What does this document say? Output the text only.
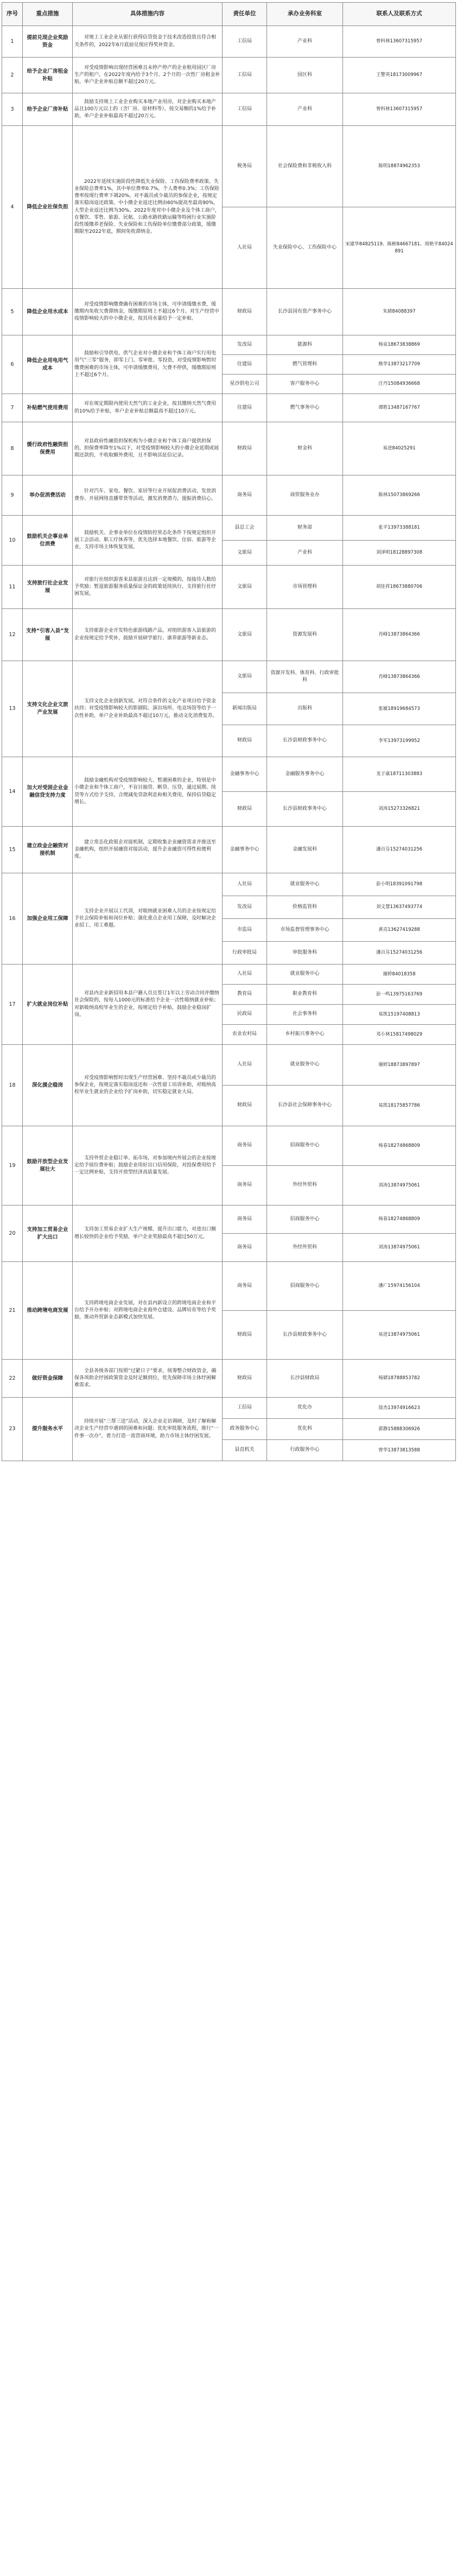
序号	重点措施	具体措施内容	责任单位	承办业务科室	联系人及联系方式
1	提前兑现企业奖励资金	对规上工业企业从银行获得信贷资金于技术改造投资且符合相关条件的，2022年6月底前兑现应得奖补资金。	工信局	产业科	曾科林13607315957
2	给予企业厂房租金补贴	对受疫情影响出现经营困难且未停产停产的企业租用园区厂房生产的租户，在2022年度内给予3个月、2个月的一次性厂房租金补贴，单户企业补贴总额不超过20万元。	工信局	园区科	王警英18173009967
3	给予企业厂房补贴	鼓励支持规上工业企业购买本地产业用房，对企业购买本地产品且100万元以上的（含厂房、原材料等），按交易额的1%给予补助，单户企业补贴最高不超过20万元。	工信局	产业科	曾科林13607315957
4	降低企业社保负担	2022年延续实施阶段性降低失业保险、工伤保险费率政策。失业保险总费率1%，其中单位费率0.7%，个人费率0.3%；工伤保险费率按现行费率下调20%。对不裁员或少裁员的参保企业，按规定落实稳岗返还政策。中小微企业返还比例由60%提高至最高90%，大型企业返还比例为30%。2022年度对中小微企业及个体工商户，在餐饮、零售、旅游、民航、公路水路铁路运输等特困行业实施阶段性缓缴养老保险、失业保险和工伤保险单位缴费部分政策，缓缴期限至2022年底，期间免收滞纳金。	税务局	社会保险费和非税收入科	陈明18874962353
			人社局	失业保险中心、工伤保险中心	宋建华84825119、陈彬84667181、周艳平84024891
5	降低企业用水成本	对受疫情影响缴费确有困难的市场主体，可申请缓缴水费，缓缴期内免收欠费滞纳金，缓缴期原则上不超过6个月。对生产经营中疫情影响较大的中小微企业，按其用水量给予一定补贴。	财政局	长沙县国有资产事务中心	朱婧84088397
6	降低企业用电用气成本	鼓励和引导供电、供气企业对小微企业和个体工商户实行用电用气“三零”服务，即零上门、零审批、零投资，对受疫情影响暂时缴费困难的市场主体，可申请缓缴费用，欠费不停供，缓缴期原则上不超过6个月。	发改局	能源科	杨泉18673838869
			住建局	燃气管理科	熊华13873217709
			星沙供电公司	客户服务中心	汪丹15084936668
7	补贴燃气使用费用	对在规定期限内使用天然气的工业企业，按其缴纳天然气费用的10%给予补贴，单户企业补贴总额最高不超过10万元。	住建局	燃气事务中心	谭胜13487167767
8	缓行政府性融资担保费用	对县政府性融资担保机构为小微企业和个体工商户提供担保的，担保费率降至1%以下，对受疫情影响较大的小微企业延期或展期还款的，不收取额外费用，且不影响其征信记录。	财政局	财金科	易进84025291
9	举办促消费活动	针对汽车、家电、餐饮、家居等行业开展促消费活动，发放消费券、开展网络直播带货等活动，激发消费潜力，提振消费信心。	商务局	商贸服务业办	陈林15073869266
10	鼓励机关企事业单位消费	鼓励机关、企事业单位在疫情防控常态化条件下按规定组织开展工会活动、职工疗休养等，优先选择本地餐饮、住宿、旅游等企业，支持市场主体恢复发展。	县总工会	财务部	张平13973388181
			文旅局	产业科	刘泽明18128897308
11	支持旅行社企业发展	对旅行社组织游客来县旅游且达到一定规模的，按接待人数给予奖励；暂退旅游服务质量保证金的政策延续执行，支持旅行社纾困发展。	文旅局	市场管理科	胡佳祥18673880706
12	支持“引客入县”发展	支持旅游企业开发特色旅游线路产品，对组织游客入县旅游的企业按规定给予奖补，鼓励开展研学旅行、康养旅游等新业态。	文旅局	资源发展科	肖峰13873864366
13	支持文化企业文旅产业发展	支持文化企业创新发展，对符合条件的文化产业项目给予资金扶持；对受疫情影响较大的影剧院、演出场所、电竞场馆等给予一次性补助，单户企业补助最高不超过10万元，推动文化消费复苏。	文旅局	资源开发科、体育科、行政审批科	肖峰13873864366
			新闻出版局	出版科	张敏18919684573
			财政局	长沙县财政事务中心	李军13973199952
14	加大对受困企业金融信贷支持力度	鼓励金融机构对受疫情影响较大、暂遇困难的企业，特别是中小微企业和个体工商户，不盲目抽贷、断贷、压贷，通过展期、续贷等方式给予支持，合理减免贷款利息和相关费用，保持信贷稳定增长。	金融事务中心	金融服务事务中心	龙子康18711303883
			财政局	长沙县财政事务中心	刘涛15273326821
15	建立政金企融资对接机制	建立常态化政银企对接机制，定期收集企业融资需求并推送至金融机构，组织开展融资对接活动，提升企业融资可得性和便利度。	金融事务中心	金融发展科	潘百芬15274031256
16	加强企业用工保障	支持企业开展以工代训，对吸纳就业困难人员的企业按规定给予社会保险补贴和岗位补贴；强化重点企业用工保障，及时解决企业招工、用工难题。	人社局	就业服务中心	彭小明18391091798
			发改局	价格监管科	刘文慧13637493774
			市监局	市场监督管理事务中心	黄亮13627419288
			行政审批局	审批服务科	潘百芬15274031256
17	扩大就业岗位补贴	对县内企业新招用本县户籍人员且签订1年以上劳动合同并缴纳社会保险的，按每人1000元的标准给予企业一次性吸纳就业补贴；对新吸纳高校毕业生的企业，按规定给予补贴，鼓励企业稳岗扩岗。	人社局	就业服务中心	谢婷84018358
			教育局	职业教育科	彭一鸣13975163769
			民政局	社会事务科	易凯15197408813
			农业农村局	乡村振兴事务中心	邓小林15817498029
18	深化援企稳岗	对受疫情影响暂时出现生产经营困难、坚持不裁员或少裁员的参保企业，按规定落实稳岗返还和一次性留工培训补助，对吸纳高校毕业生就业的企业给予扩岗补助，切实稳定就业大局。	人社局	就业服务中心	谢婷18873897897
			财政局	长沙县社会保障事务中心	易凯18175857786
19	鼓励开放型企业发展壮大	支持外贸企业稳订单、拓市场，对参加境内外展会的企业按规定给予展位费补贴；鼓励企业用好出口信用保险，对投保费用给予一定比例补贴，支持开放型经济高质量发展。	商务局	招商服务中心	杨春18274868809
			商务局	外经外贸科	刘涛13874975061
20	支持加工贸易企业扩大出口	支持加工贸易企业扩大生产规模、提升出口能力，对进出口额增长较快的企业给予奖励，单户企业奖励最高不超过50万元。	商务局	招商服务中心	杨春18274868809
			商务局	外经外贸科	刘涛13874975061
21	推动跨境电商发展	支持跨境电商企业发展，对在县内新设立的跨境电商企业和平台给予开办补贴；对跨境电商企业海外仓建设、品牌培育等给予奖励，推动外贸新业态新模式加快发展。	商务局	招商服务中心	潘广15974156104
			财政局	长沙县财政事务中心	易进13874975061
22	做好资金保障	全县各级各部门按照“过紧日子”要求，统筹整合财政资金，确保各项助企纾困政策资金及时足额到位，优先保障市场主体纾困解难需求。	财政局	长沙县财政局	杨婧18788853782
23	提升服务水平	持续开展“三帮三送”活动，深入企业走访调研，及时了解和解决企业生产经营中遇到的困难和问题；优化审批服务流程，推行“一件事一次办”，着力打造一流营商环境，助力市场主体纾困发展。	工信局	优化办	徐杰13974916623
			政务服务中心	优化科	郭静15888306926
			县直机关	行政服务中心	曾华13873813588
